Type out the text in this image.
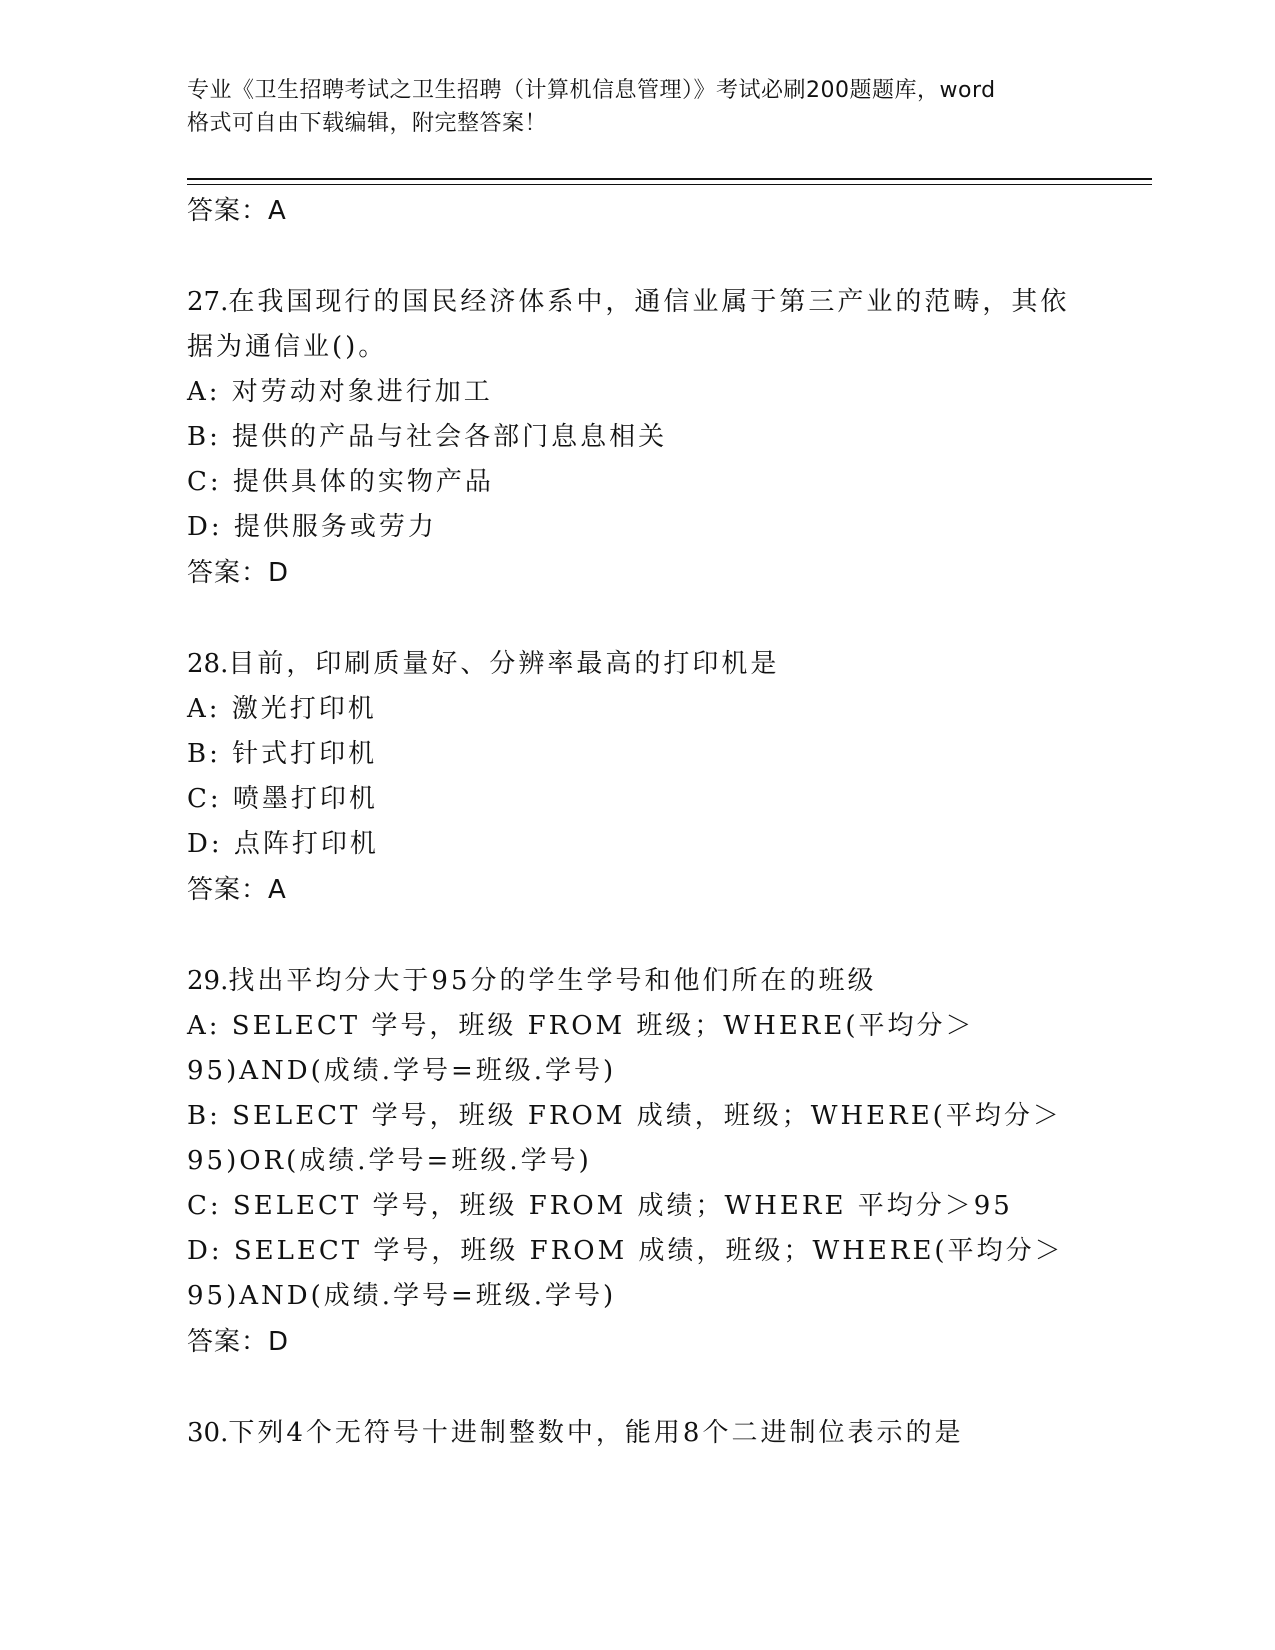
专业《卫生招聘考试之卫生招聘（计算机信息管理）》考试必刷200题题库，word
格式可自由下载编辑，附完整答案！
答案：A

27.在我国现行的国民经济体系中，通信业属于第三产业的范畴，其依据为通信业()。

A: 对劳动对象进行加工

B: 提供的产品与社会各部门息息相关

C: 提供具体的实物产品

D: 提供服务或劳力

答案：D

28.目前，印刷质量好、分辨率最高的打印机是

A: 激光打印机

B: 针式打印机

C: 喷墨打印机

D: 点阵打印机

答案：A

29.找出平均分大于95分的学生学号和他们所在的班级

A: SELECT 学号，班级 FROM 班级；WHERE(平均分＞95)AND(成绩.学号=班级.学号)

B: SELECT 学号，班级 FROM 成绩，班级；WHERE(平均分＞95)OR(成绩.学号=班级.学号)

C: SELECT 学号，班级 FROM 成绩；WHERE 平均分＞95

D: SELECT 学号，班级 FROM 成绩，班级；WHERE(平均分＞95)AND(成绩.学号=班级.学号)

答案：D

30.下列4个无符号十进制整数中，能用8个二进制位表示的是
